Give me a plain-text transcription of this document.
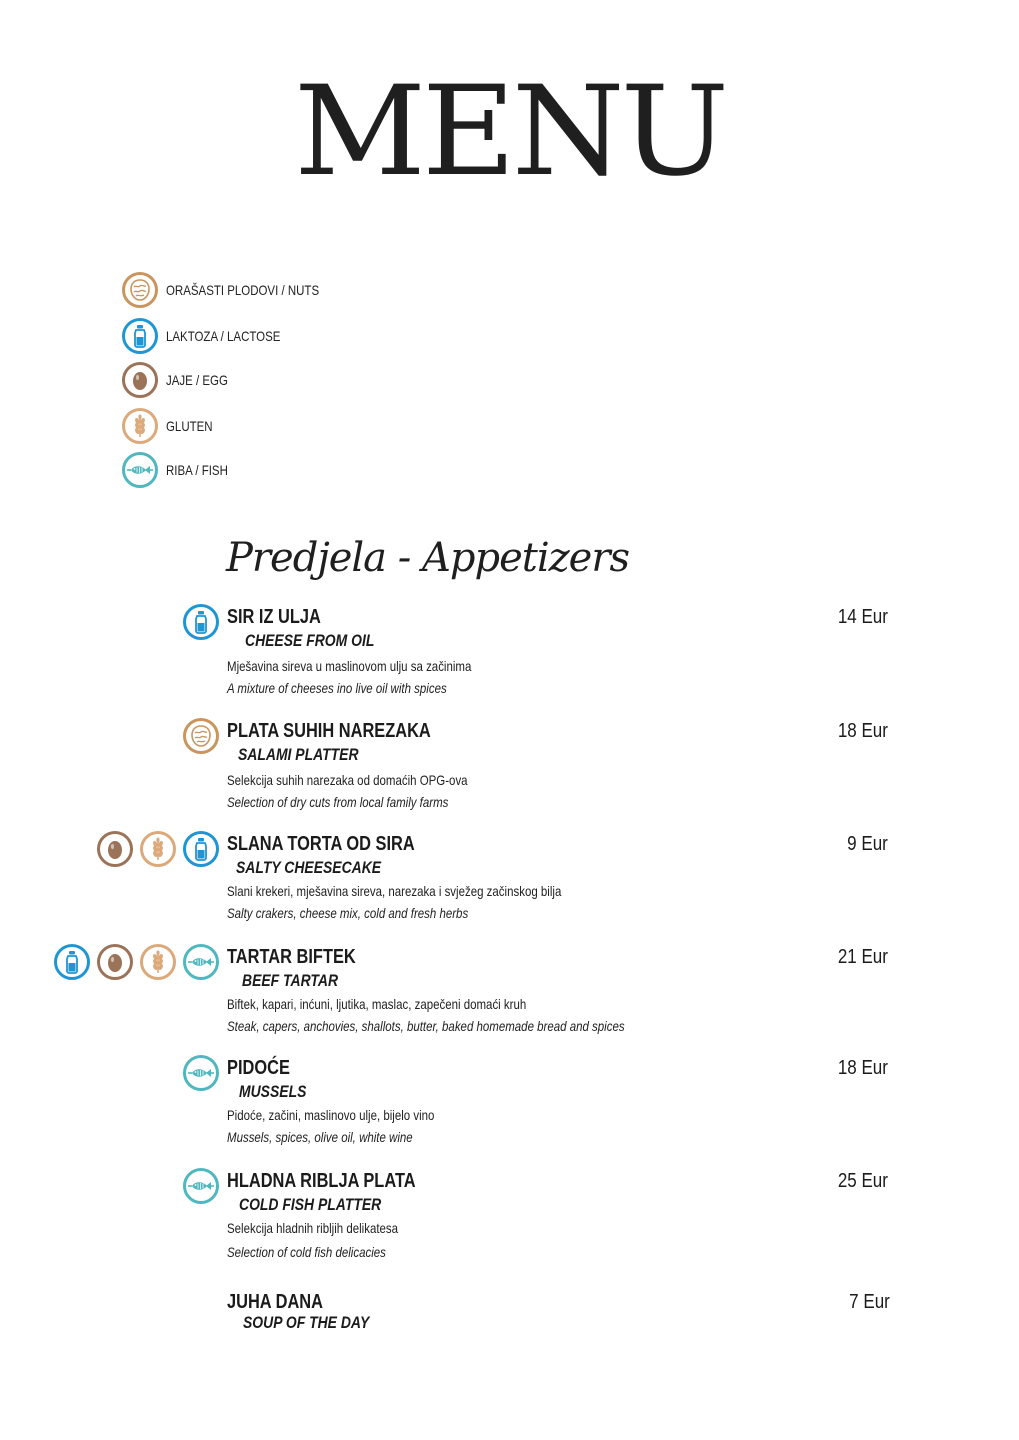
MENU
ORAŠASTI PLODOVI / NUTS
LAKTOZA / LACTOSE
JAJE / EGG
GLUTEN
RIBA / FISH
Predjela - Appetizers
SIR IZ ULJA
CHEESE FROM OIL
Mješavina sireva u maslinovom ulju sa začinima
A mixture of cheeses ino live oil with spices
14 Eur
PLATA SUHIH NAREZAKA
SALAMI PLATTER
Selekcija suhih narezaka od domaćih OPG-ova
Selection of dry cuts from local family farms
18 Eur
SLANA TORTA OD SIRA
SALTY CHEESECAKE
Slani krekeri, mješavina sireva, narezaka i svježeg začinskog bilja
Salty crakers, cheese mix, cold and fresh herbs
9 Eur
TARTAR BIFTEK
BEEF TARTAR
Biftek, kapari, inćuni, ljutika, maslac, zapečeni domaći kruh
Steak, capers, anchovies, shallots, butter, baked homemade bread and spices
21 Eur
PIDOĆE
MUSSELS
Pidoće, začini, maslinovo ulje, bijelo vino
Mussels, spices, olive oil, white wine
18 Eur
HLADNA RIBLJA PLATA
COLD FISH PLATTER
Selekcija hladnih ribljih delikatesa
Selection of cold fish delicacies
25 Eur
JUHA DANA
SOUP OF THE DAY
7 Eur
